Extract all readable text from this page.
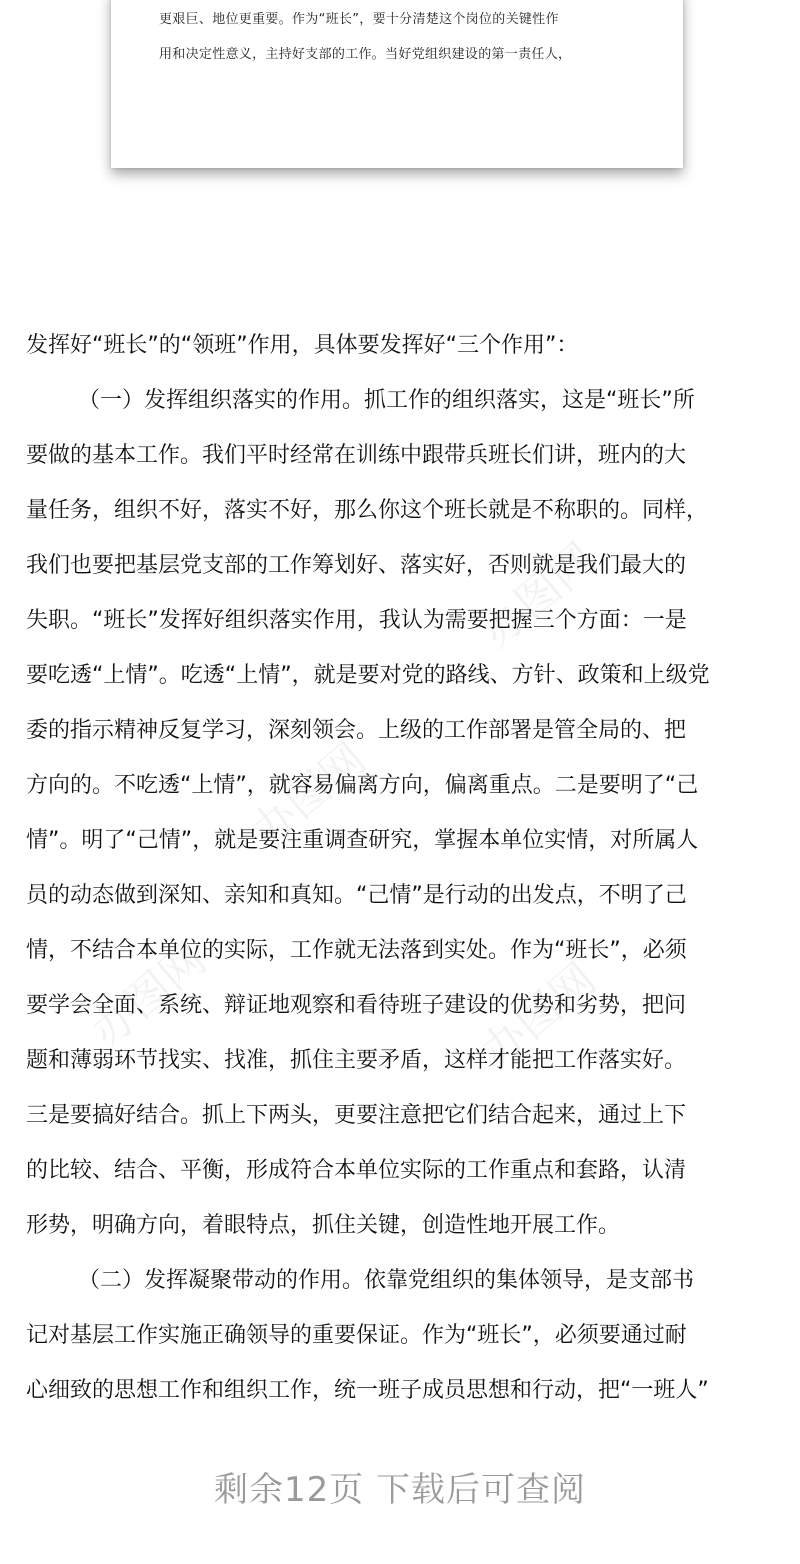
办图网
办图网
办图网	办图网
更艰巨、地位更重要。作为“班长”，要十分清楚这个岗位的关键性作
用和决定性意义，主持好支部的工作。当好党组织建设的第一责任人，
发挥好“班长”的“领班”作用，具体要发挥好“三个作用”：
（一）发挥组织落实的作用。抓工作的组织落实，这是“班长”所
要做的基本工作。我们平时经常在训练中跟带兵班长们讲，班内的大
量任务，组织不好，落实不好，那么你这个班长就是不称职的。同样，
我们也要把基层党支部的工作筹划好、落实好，否则就是我们最大的
失职。“班长”发挥好组织落实作用，我认为需要把握三个方面：一是
要吃透“上情”。吃透“上情”，就是要对党的路线、方针、政策和上级党
委的指示精神反复学习，深刻领会。上级的工作部署是管全局的、把
方向的。不吃透“上情”，就容易偏离方向，偏离重点。二是要明了“己
情”。明了“己情”，就是要注重调查研究，掌握本单位实情，对所属人
员的动态做到深知、亲知和真知。“己情”是行动的出发点，不明了己
情，不结合本单位的实际，工作就无法落到实处。作为“班长”，必须
要学会全面、系统、辩证地观察和看待班子建设的优势和劣势，把问
题和薄弱环节找实、找准，抓住主要矛盾，这样才能把工作落实好。
三是要搞好结合。抓上下两头，更要注意把它们结合起来，通过上下
的比较、结合、平衡，形成符合本单位实际的工作重点和套路，认清
形势，明确方向，着眼特点，抓住关键，创造性地开展工作。
（二）发挥凝聚带动的作用。依靠党组织的集体领导，是支部书
记对基层工作实施正确领导的重要保证。作为“班长”，必须要通过耐
心细致的思想工作和组织工作，统一班子成员思想和行动，把“一班人”
剩余12页 下载后可查阅
